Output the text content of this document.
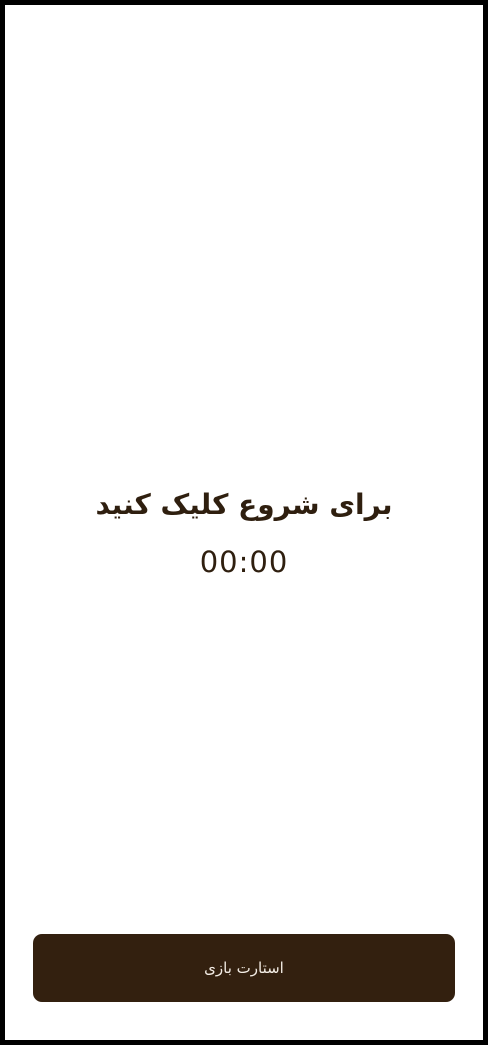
برای شروع کلیک کنید
00:00
استارت بازی
